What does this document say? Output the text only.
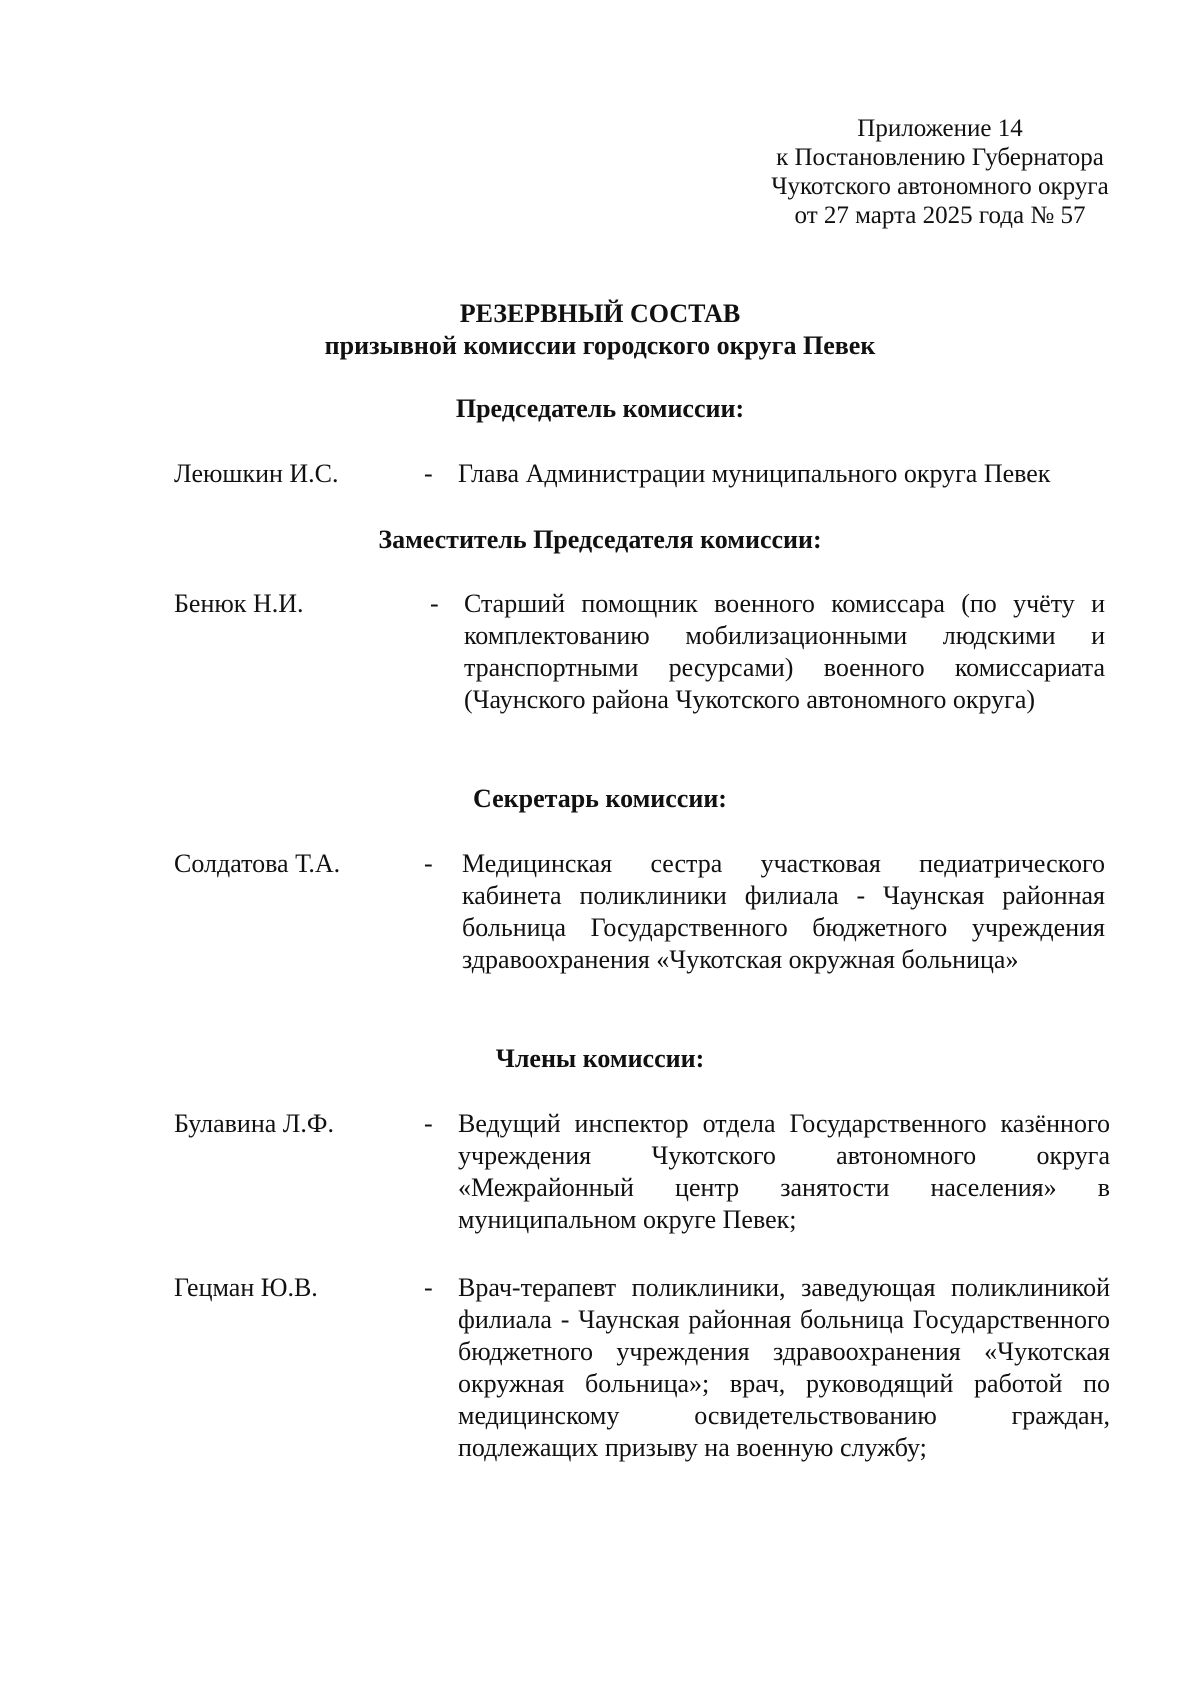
Приложение 14
к Постановлению Губернатора
Чукотского автономного округа
от 27 марта 2025 года № 57
РЕЗЕРВНЫЙ СОСТАВ
призывной комиссии городского округа Певек
Председатель комиссии:
Леюшкин И.С.	- Глава Администрации муниципального округа Певек
Заместитель Председателя комиссии:
Бенюк Н.И.	- Старший помощник военного комиссара (по учёту и комплектованию мобилизационными людскими и транспортными ресурсами) военного комиссариата (Чаунского района Чукотского автономного округа)
Секретарь комиссии:
Солдатова Т.А.	- Медицинская сестра участковая педиатрического кабинета поликлиники филиала - Чаунская районная больница Государственного бюджетного учреждения здравоохранения «Чукотская окружная больница»
Члены комиссии:
Булавина Л.Ф.	- Ведущий инспектор отдела Государственного казённого учреждения Чукотского автономного округа «Межрайонный центр занятости населения» в муниципальном округе Певек;
Гецман Ю.В.	- Врач-терапевт поликлиники, заведующая поликлиникой филиала - Чаунская районная больница Государственного бюджетного учреждения здравоохранения «Чукотская окружная больница»; врач, руководящий работой по медицинскому освидетельствованию граждан, подлежащих призыву на военную службу;
